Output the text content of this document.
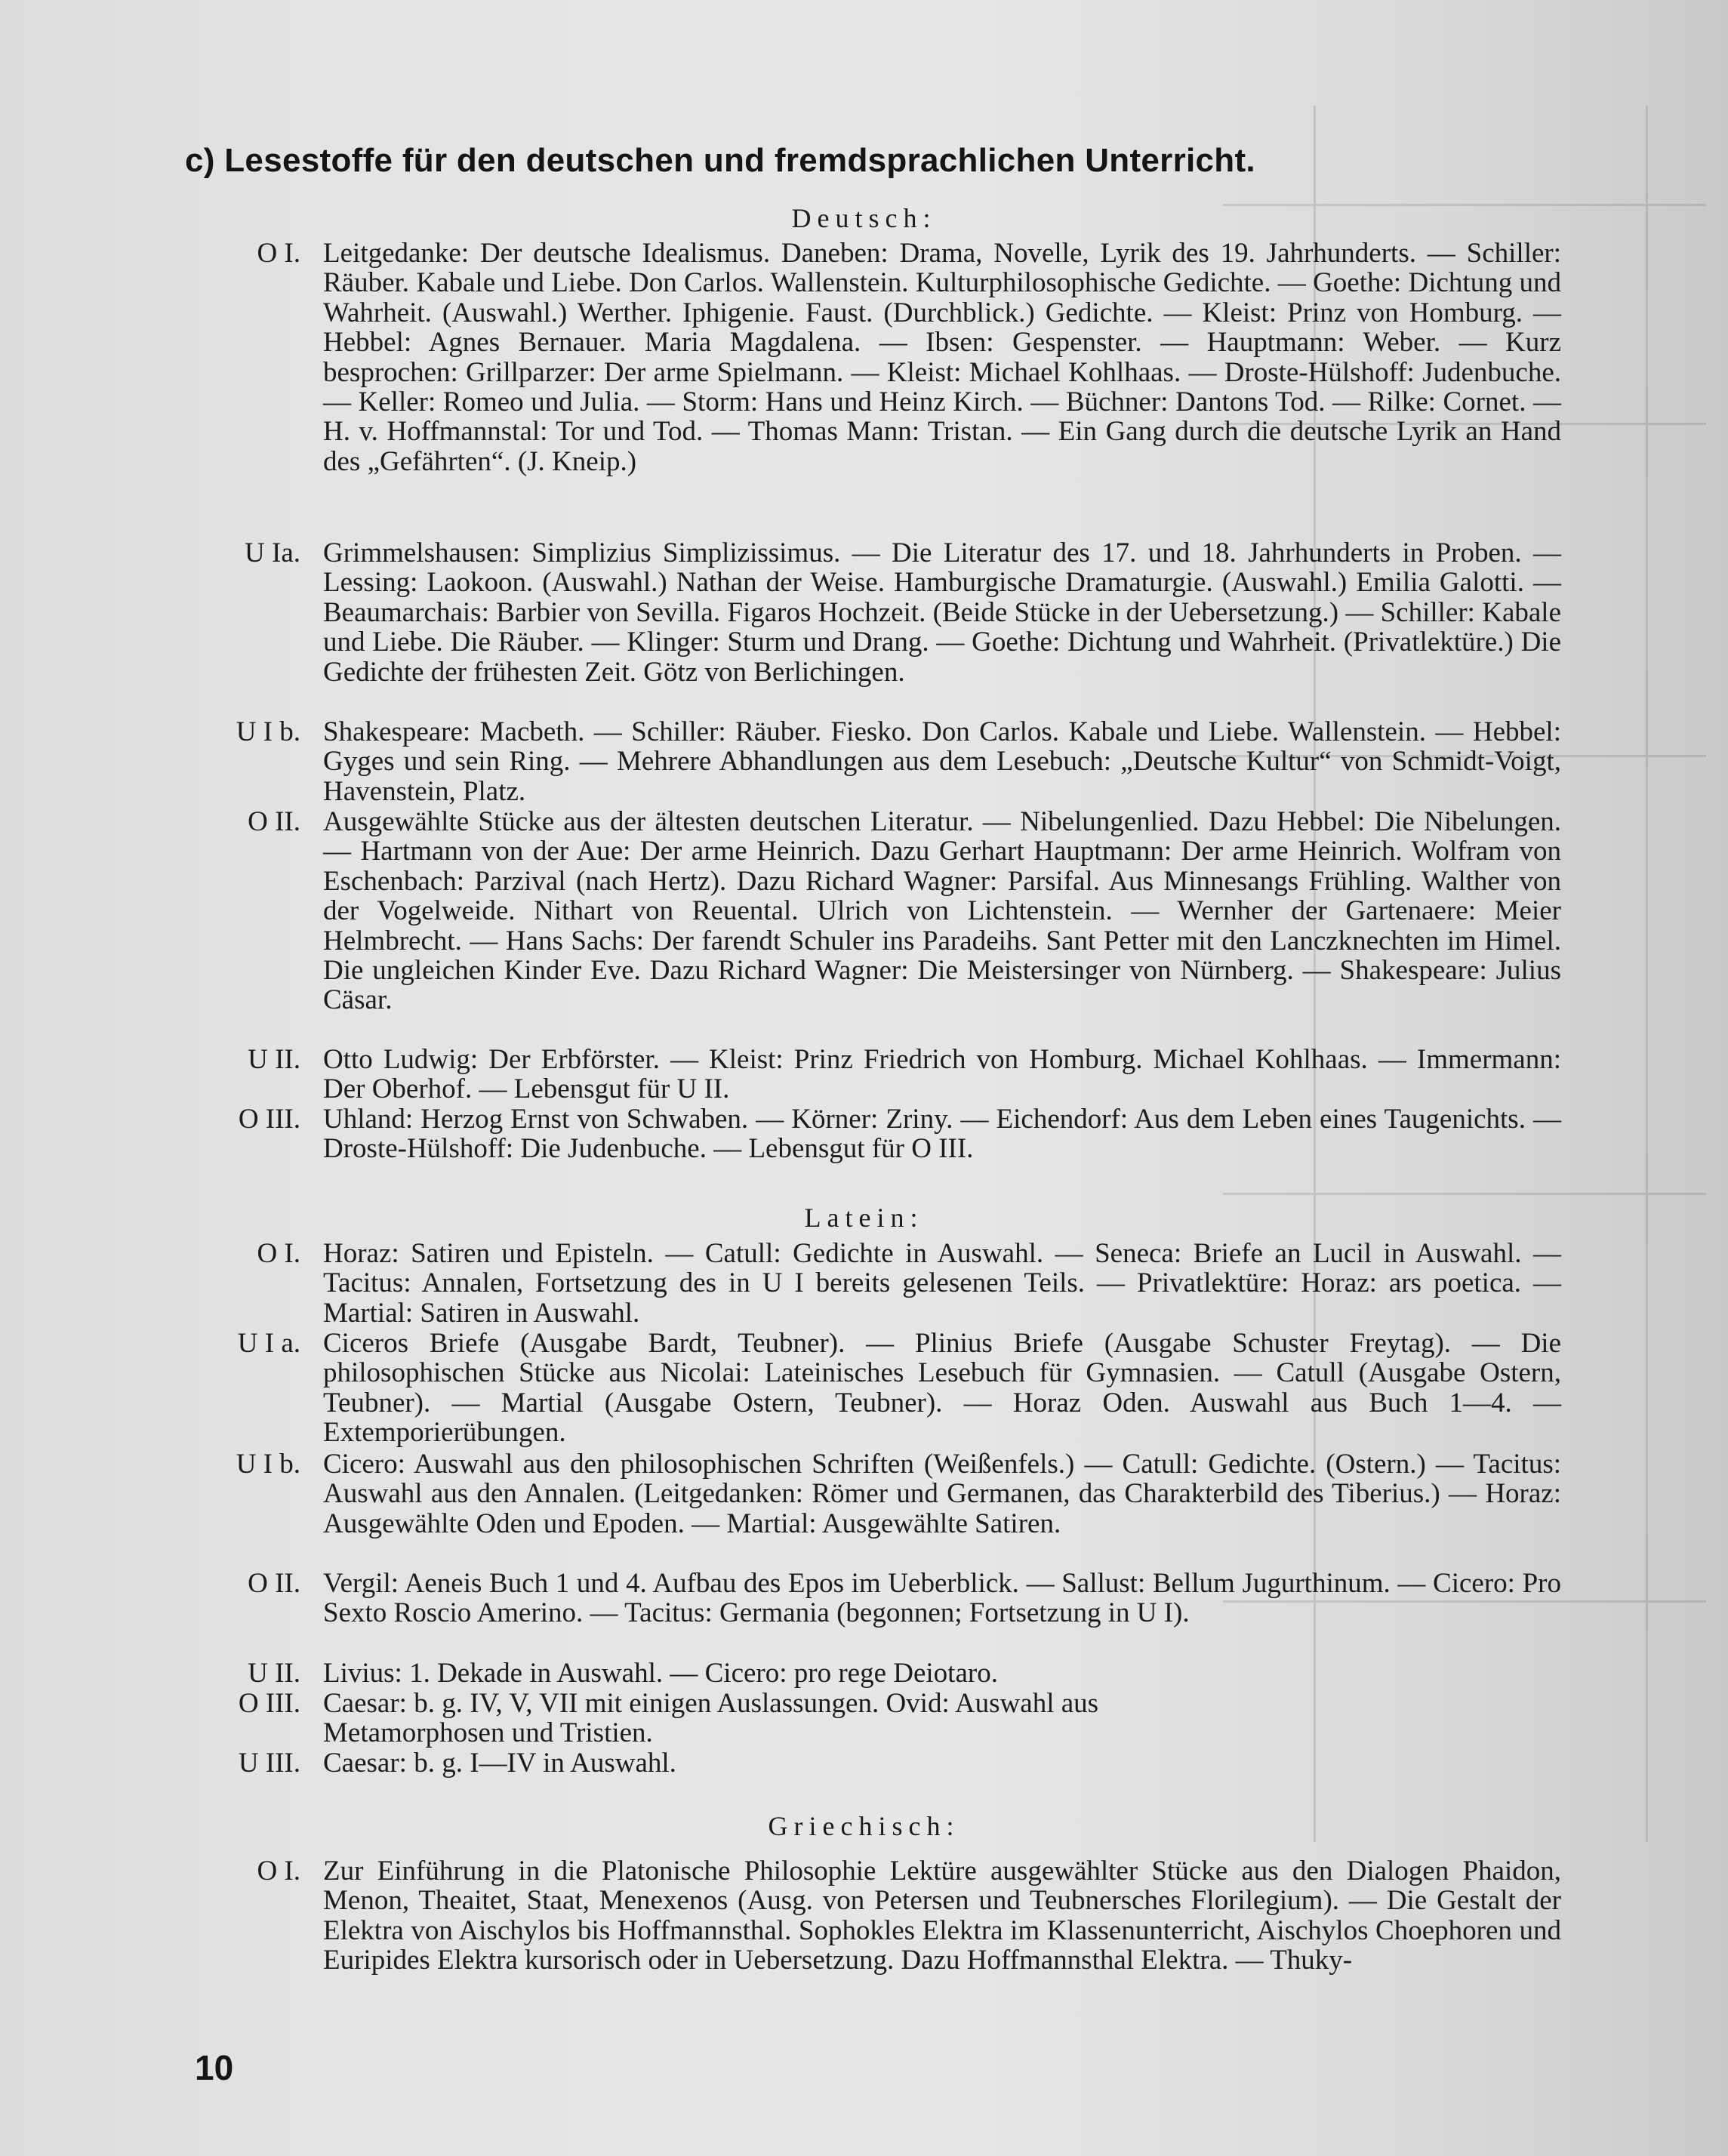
c) Lesestoffe für den deutschen und fremdsprachlichen Unterricht.
Deutsch:
O I. Leitgedanke: Der deutsche Idealismus. Daneben: Drama, Novelle, Lyrik des 19. Jahrhunderts. — Schiller: Räuber. Kabale und Liebe. Don Carlos. Wallenstein. Kulturphilosophische Gedichte. — Goethe: Dichtung und Wahrheit. (Auswahl.) Werther. Iphigenie. Faust. (Durchblick.) Gedichte. — Kleist: Prinz von Homburg. — Hebbel: Agnes Bernauer. Maria Magdalena. — Ibsen: Gespenster. — Hauptmann: Weber. — Kurz besprochen: Grillparzer: Der arme Spielmann. — Kleist: Michael Kohlhaas. — Droste-Hülshoff: Judenbuche. — Keller: Romeo und Julia. — Storm: Hans und Heinz Kirch. — Büchner: Dantons Tod. — Rilke: Cornet. — H. v. Hoffmannstal: Tor und Tod. — Thomas Mann: Tristan. — Ein Gang durch die deutsche Lyrik an Hand des „Gefährten“. (J. Kneip.)
U Ia. Grimmelshausen: Simplizius Simplizissimus. — Die Literatur des 17. und 18. Jahrhunderts in Proben. — Lessing: Laokoon. (Auswahl.) Nathan der Weise. Hamburgische Dramaturgie. (Auswahl.) Emilia Galotti. — Beaumarchais: Barbier von Sevilla. Figaros Hochzeit. (Beide Stücke in der Uebersetzung.) — Schiller: Kabale und Liebe. Die Räuber. — Klinger: Sturm und Drang. — Goethe: Dichtung und Wahrheit. (Privatlektüre.) Die Gedichte der frühesten Zeit. Götz von Berlichingen.
U I b. Shakespeare: Macbeth. — Schiller: Räuber. Fiesko. Don Carlos. Kabale und Liebe. Wallenstein. — Hebbel: Gyges und sein Ring. — Mehrere Abhandlungen aus dem Lesebuch: „Deutsche Kultur“ von Schmidt-Voigt, Havenstein, Platz.
O II. Ausgewählte Stücke aus der ältesten deutschen Literatur. — Nibelungenlied. Dazu Hebbel: Die Nibelungen. — Hartmann von der Aue: Der arme Heinrich. Dazu Gerhart Hauptmann: Der arme Heinrich. Wolfram von Eschenbach: Parzival (nach Hertz). Dazu Richard Wagner: Parsifal. Aus Minnesangs Frühling. Walther von der Vogelweide. Nithart von Reuental. Ulrich von Lichtenstein. — Wernher der Gartenaere: Meier Helmbrecht. — Hans Sachs: Der farendt Schuler ins Paradeihs. Sant Petter mit den Lanczknechten im Himel. Die ungleichen Kinder Eve. Dazu Richard Wagner: Die Meistersinger von Nürnberg. — Shakespeare: Julius Cäsar.
U II. Otto Ludwig: Der Erbförster. — Kleist: Prinz Friedrich von Homburg. Michael Kohlhaas. — Immermann: Der Oberhof. — Lebensgut für U II.
O III. Uhland: Herzog Ernst von Schwaben. — Körner: Zriny. — Eichendorf: Aus dem Leben eines Taugenichts. — Droste-Hülshoff: Die Judenbuche. — Lebensgut für O III.
Latein:
O I. Horaz: Satiren und Episteln. — Catull: Gedichte in Auswahl. — Seneca: Briefe an Lucil in Auswahl. — Tacitus: Annalen, Fortsetzung des in U I bereits gelesenen Teils. — Privatlektüre: Horaz: ars poetica. — Martial: Satiren in Auswahl.
U I a. Ciceros Briefe (Ausgabe Bardt, Teubner). — Plinius Briefe (Ausgabe Schuster Freytag). — Die philosophischen Stücke aus Nicolai: Lateinisches Lesebuch für Gymnasien. — Catull (Ausgabe Ostern, Teubner). — Martial (Ausgabe Ostern, Teubner). — Horaz Oden. Auswahl aus Buch 1—4. — Extemporierübungen.
U I b. Cicero: Auswahl aus den philosophischen Schriften (Weißenfels.) — Catull: Gedichte. (Ostern.) — Tacitus: Auswahl aus den Annalen. (Leitgedanken: Römer und Germanen, das Charakterbild des Tiberius.) — Horaz: Ausgewählte Oden und Epoden. — Martial: Ausgewählte Satiren.
O II. Vergil: Aeneis Buch 1 und 4. Aufbau des Epos im Ueberblick. — Sallust: Bellum Jugurthinum. — Cicero: Pro Sexto Roscio Amerino. — Tacitus: Germania (begonnen; Fortsetzung in U I).
U II. Livius: 1. Dekade in Auswahl. — Cicero: pro rege Deiotaro.
O III. Caesar: b. g. IV, V, VII mit einigen Auslassungen. Ovid: Auswahl aus Metamorphosen und Tristien.
U III. Caesar: b. g. I—IV in Auswahl.
Griechisch:
O I. Zur Einführung in die Platonische Philosophie Lektüre ausgewählter Stücke aus den Dialogen Phaidon, Menon, Theaitet, Staat, Menexenos (Ausg. von Petersen und Teubnersches Florilegium). — Die Gestalt der Elektra von Aischylos bis Hoffmannsthal. Sophokles Elektra im Klassenunterricht, Aischylos Choephoren und Euripides Elektra kursorisch oder in Uebersetzung. Dazu Hoffmannsthal Elektra. — Thuky-
10
